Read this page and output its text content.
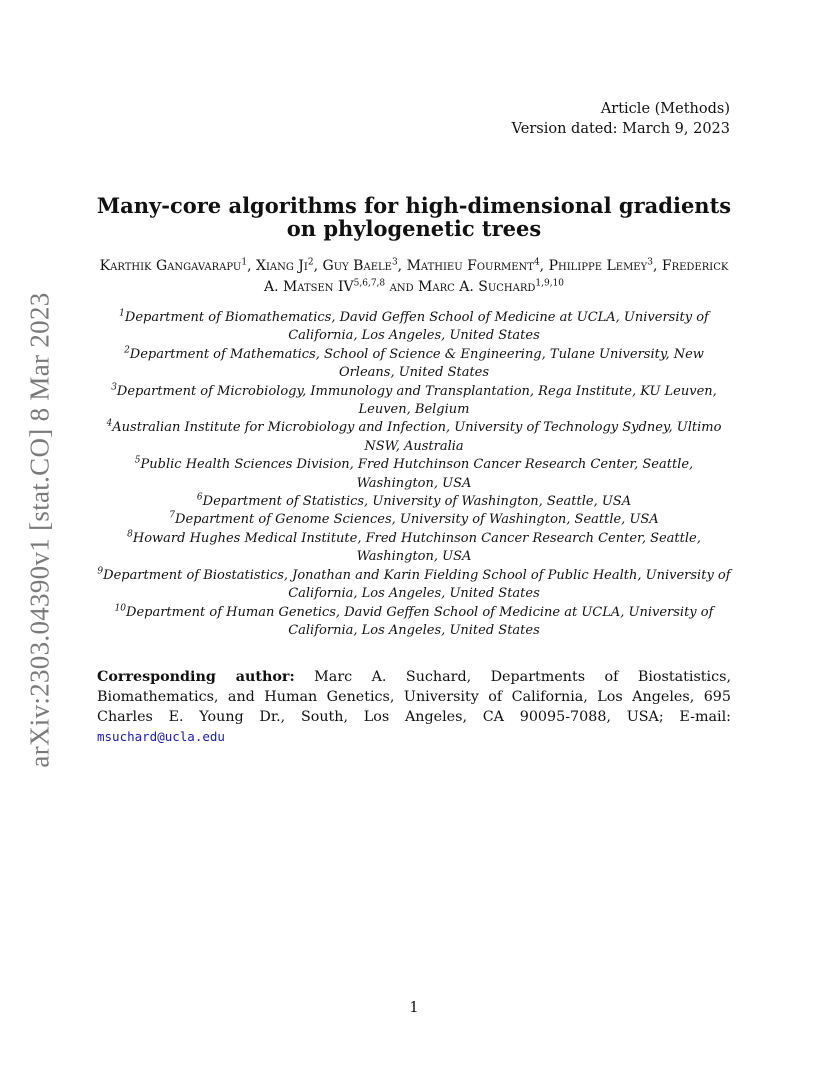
arXiv:2303.04390v1 [stat.CO] 8 Mar 2023
Article (Methods)
Version dated: March 9, 2023
Many-core algorithms for high-dimensional gradients
on phylogenetic trees
Karthik Gangavarapu$^1$, Xiang Ji$^2$, Guy Baele$^3$, Mathieu Fourment$^4$, Philippe Lemey$^3$, Frederick A. Matsen IV$^{5,6,7,8}$ and Marc A. Suchard$^{1,9,10}$

$^1$Department of Biomathematics, David Geffen School of Medicine at UCLA, University of California, Los Angeles, United States

$^2$Department of Mathematics, School of Science & Engineering, Tulane University, New Orleans, United States

$^3$Department of Microbiology, Immunology and Transplantation, Rega Institute, KU Leuven, Leuven, Belgium

$^4$Australian Institute for Microbiology and Infection, University of Technology Sydney, Ultimo NSW, Australia

$^5$Public Health Sciences Division, Fred Hutchinson Cancer Research Center, Seattle, Washington, USA

$^6$Department of Statistics, University of Washington, Seattle, USA

$^7$Department of Genome Sciences, University of Washington, Seattle, USA

$^8$Howard Hughes Medical Institute, Fred Hutchinson Cancer Research Center, Seattle, Washington, USA

$^9$Department of Biostatistics, Jonathan and Karin Fielding School of Public Health, University of California, Los Angeles, United States

$^{10}$Department of Human Genetics, David Geffen School of Medicine at UCLA, University of California, Los Angeles, United States

Corresponding author: Marc A. Suchard, Departments of Biostatistics, Biomathematics, and Human Genetics, University of California, Los Angeles, 695 Charles E. Young Dr., South, Los Angeles, CA 90095-7088, USA; E-mail: msuchard@ucla.edu
1
